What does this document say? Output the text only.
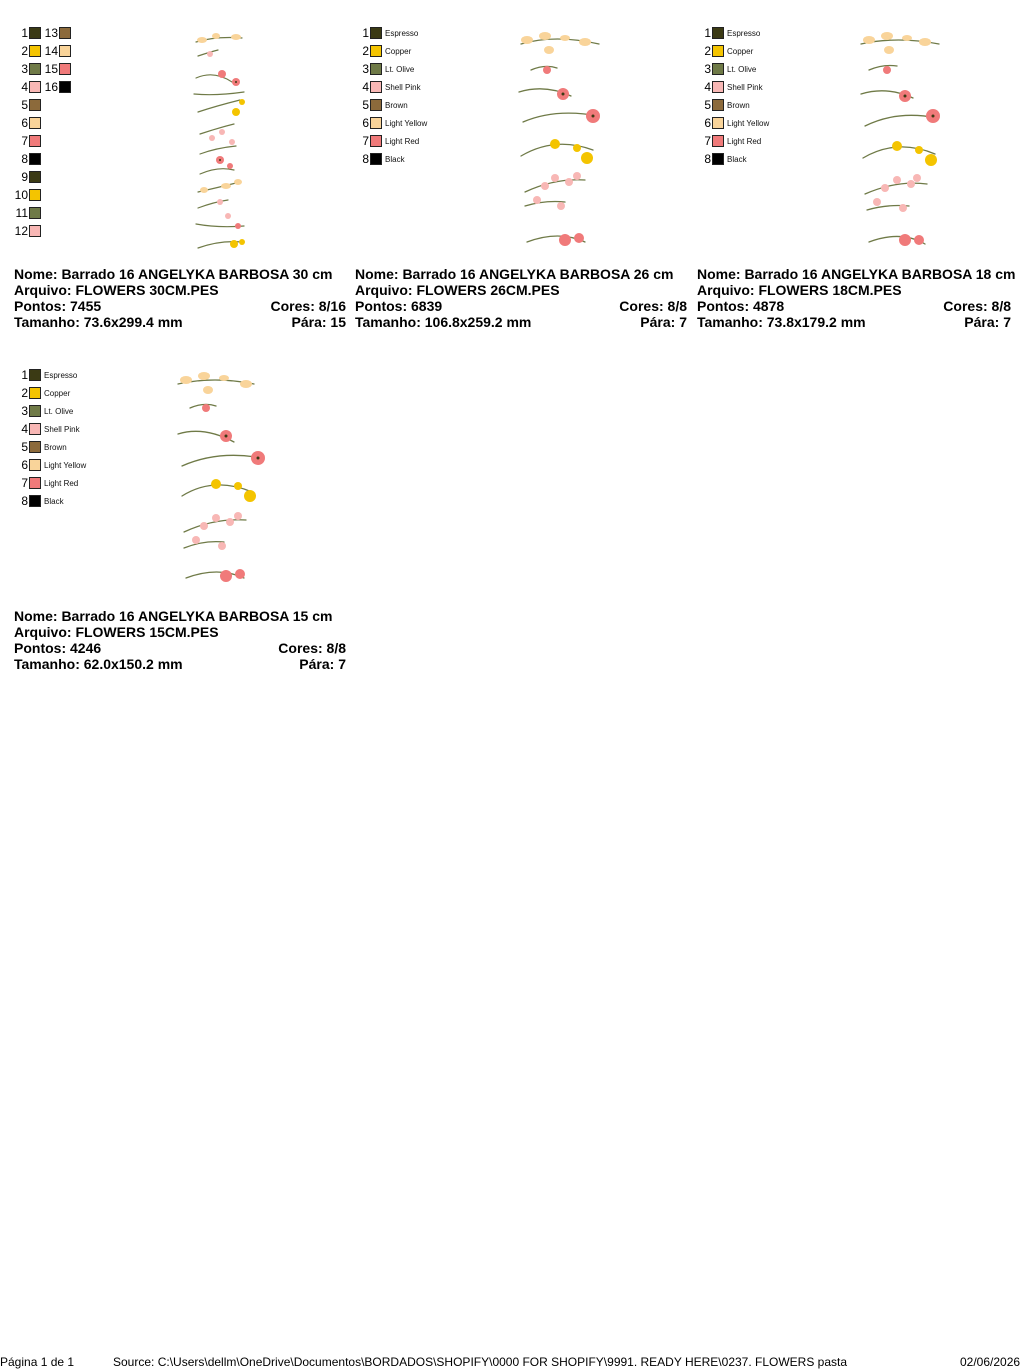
1
2
3
4
5
6
7
8
9
10
11
12
13
14
15
16
Nome: Barrado 16 ANGELYKA BARBOSA 30 cm
Arquivo: FLOWERS 30CM.PES
Pontos: 7455	Cores: 8/16
Tamanho: 73.6x299.4 mm	Pára: 15
1 Espresso
2 Copper
3 Lt. Olive
4 Shell Pink
5 Brown
6 Light Yellow
7 Light Red
8 Black
Nome: Barrado 16 ANGELYKA BARBOSA 26 cm
Arquivo: FLOWERS 26CM.PES
Pontos: 6839	Cores: 8/8
Tamanho: 106.8x259.2 mm	Pára: 7
1 Espresso
2 Copper
3 Lt. Olive
4 Shell Pink
5 Brown
6 Light Yellow
7 Light Red
8 Black
Nome: Barrado 16 ANGELYKA BARBOSA 18 cm
Arquivo: FLOWERS 18CM.PES
Pontos: 4878	Cores: 8/8
Tamanho: 73.8x179.2 mm	Pára: 7
1 Espresso
2 Copper
3 Lt. Olive
4 Shell Pink
5 Brown
6 Light Yellow
7 Light Red
8 Black
Nome: Barrado 16 ANGELYKA BARBOSA 15 cm
Arquivo: FLOWERS 15CM.PES
Pontos: 4246	Cores: 8/8
Tamanho: 62.0x150.2 mm	Pára: 7
Página 1 de 1	Source: C:\Users\dellm\OneDrive\Documentos\BORDADOS\SHOPIFY\0000 FOR SHOPIFY\9991. READY HERE\0237. FLOWERS pasta	02/06/2026
